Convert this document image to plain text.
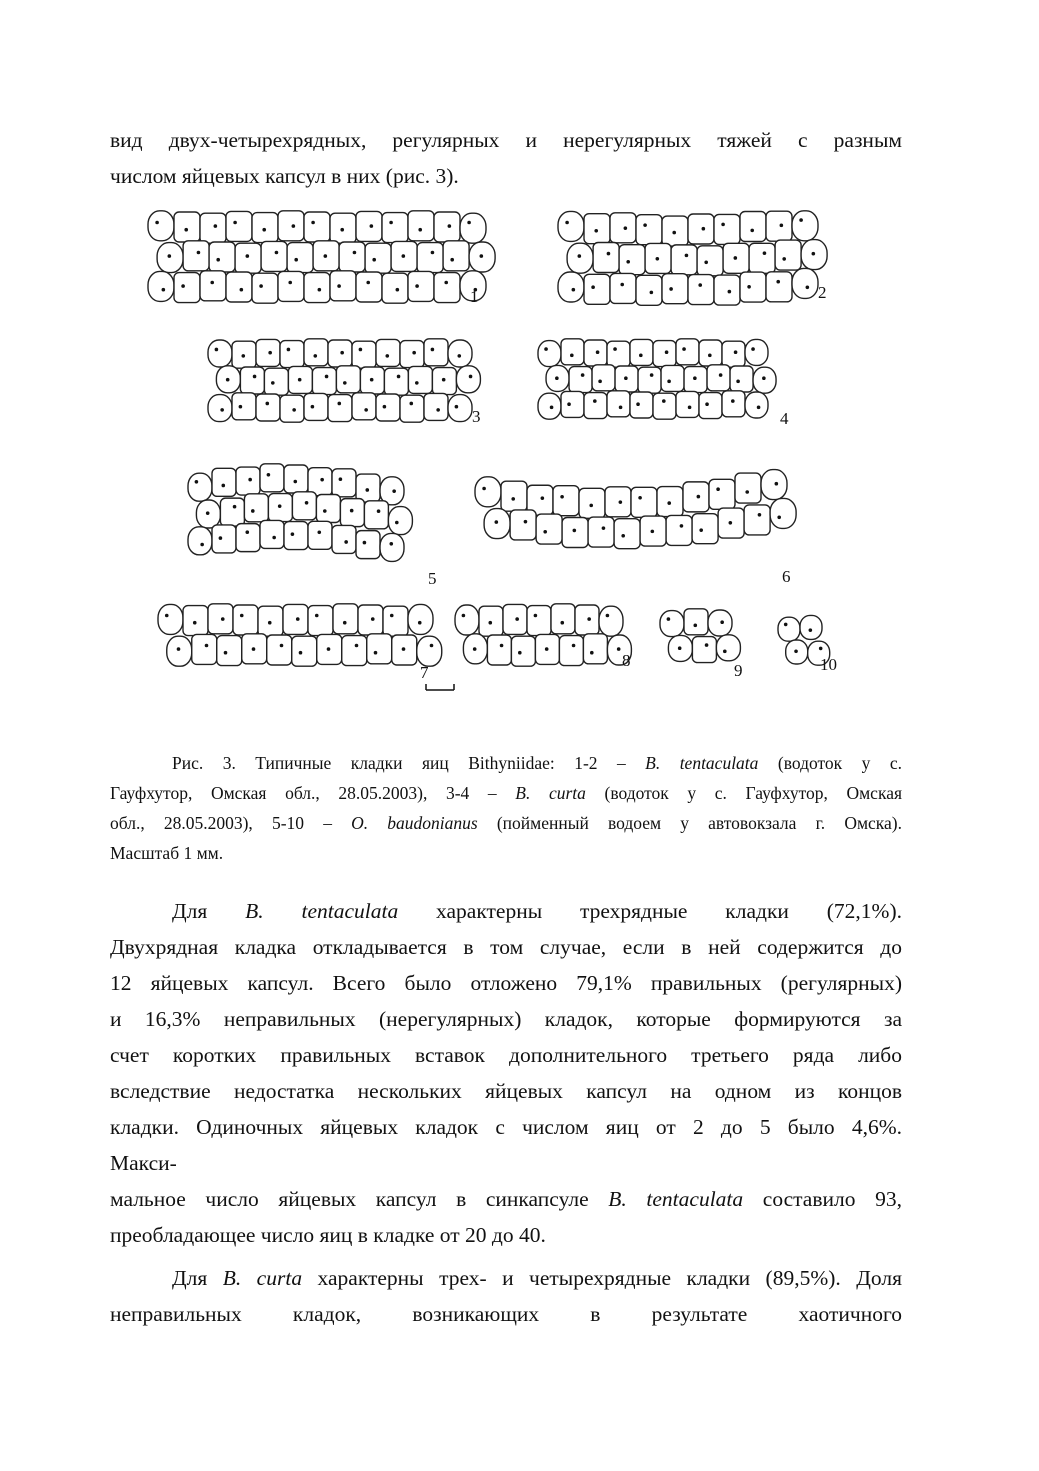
вид двух-четырехрядных, регулярных и нерегулярных тяжей с разным
числом яйцевых капсул в них (рис. 3).

1	2
3	4
5	6
7
8
9	10
Рис. 3. Типичные кладки яиц Bithyniidae: 1-2 – B. tentaculata (водоток у с.
Гауфхутор, Омская обл., 28.05.2003), 3-4 – B. curta (водоток у с. Гауфхутор, Омская
обл., 28.05.2003), 5-10 – O. baudonianus (пойменный водоем у автовокзала г. Омска).
Масштаб 1 мм.

Для B. tentaculata характерны трехрядные кладки (72,1%).
Двухрядная кладка откладывается в том случае, если в ней содержится до
12 яйцевых капсул. Всего было отложено 79,1% правильных (регулярных)
и 16,3% неправильных (нерегулярных) кладок, которые формируются за
счет коротких правильных вставок дополнительного третьего ряда либо
вследствие недостатка нескольких яйцевых капсул на одном из концов
кладки. Одиночных яйцевых кладок с числом яиц от 2 до 5 было 4,6%.
Макси-
мальное число яйцевых капсул в синкапсуле B. tentaculata составило 93,
преобладающее число яиц в кладке от 20 до 40.

Для B. curta характерны трех- и четырехрядные кладки (89,5%). Доля
неправильных кладок, возникающих в результате хаотичного
